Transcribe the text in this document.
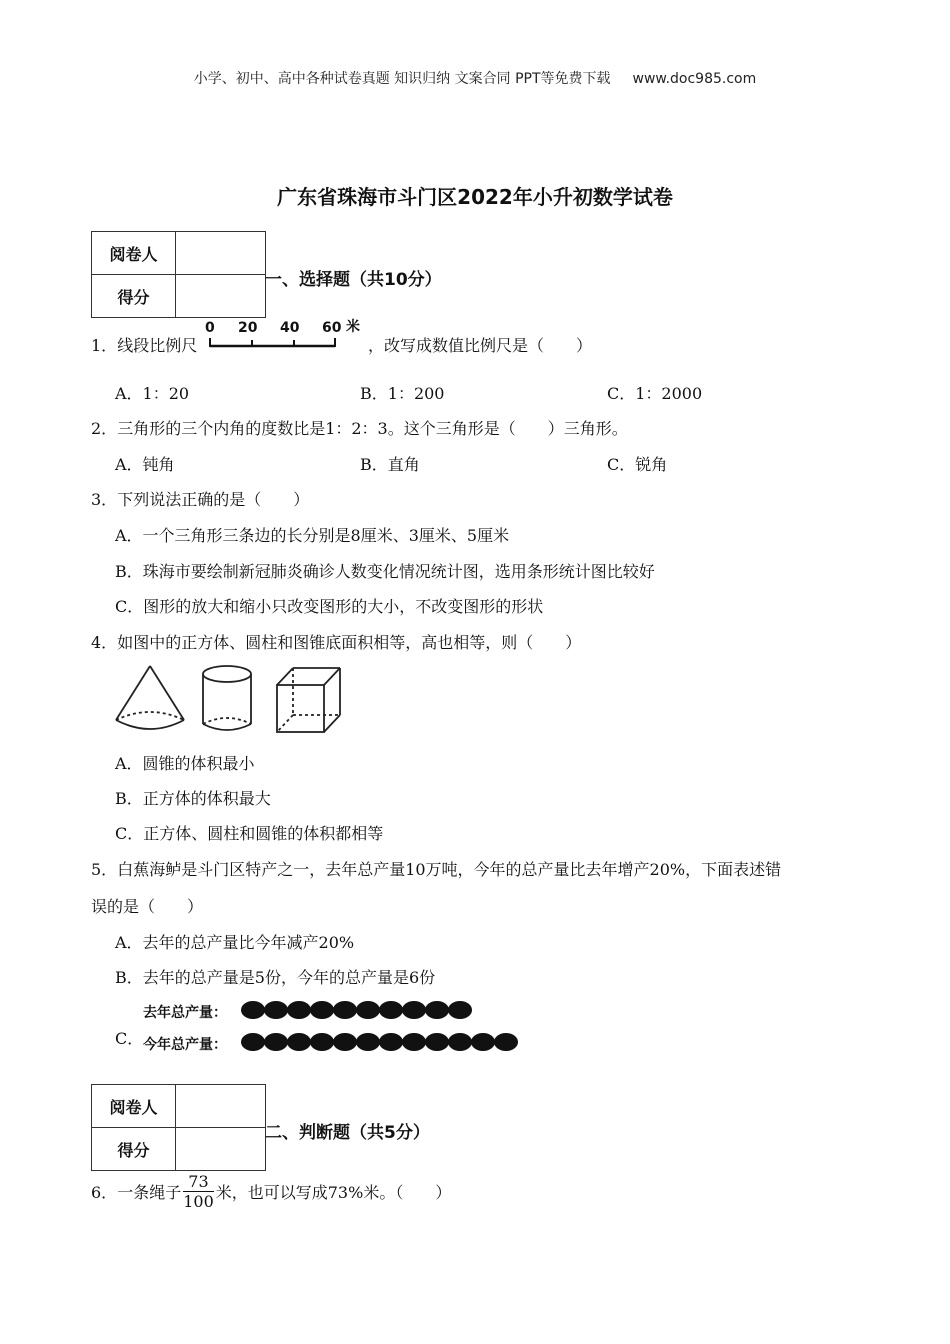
小学、初中、高中各种试卷真题 知识归纳 文案合同 PPT等免费下载 www.doc985.com
广东省珠海市斗门区2022年小升初数学试卷
阅卷人	
得分	
一、选择题（共10分）
1．线段比例尺
0 20 40 60 米
，改写成数值比例尺是（　　）
A．1：20	B．1：200	C．1：2000
2．三角形的三个内角的度数比是1：2：3。这个三角形是（　　）三角形。
A．钝角	B．直角	C．锐角
3．下列说法正确的是（　　）
A．一个三角形三条边的长分别是8厘米、3厘米、5厘米
B．珠海市要绘制新冠肺炎确诊人数变化情况统计图，选用条形统计图比较好
C．图形的放大和缩小只改变图形的大小，不改变图形的形状
4．如图中的正方体、圆柱和图锥底面积相等，高也相等，则（　　）
A．圆锥的体积最小
B．正方体的体积最大
C．正方体、圆柱和圆锥的体积都相等
5．白蕉海鲈是斗门区特产之一，去年总产量10万吨，今年的总产量比去年增产20%，下面表述错
误的是（　　）
A．去年的总产量比今年减产20%
B．去年的总产量是5份，今年的总产量是6份
C．
去年总产量：
今年总产量：
阅卷人	
得分	
二、判断题（共5分）
6．一条绳子 $\frac{73}{100}$ 米，也可以写成73%米。（　　）
